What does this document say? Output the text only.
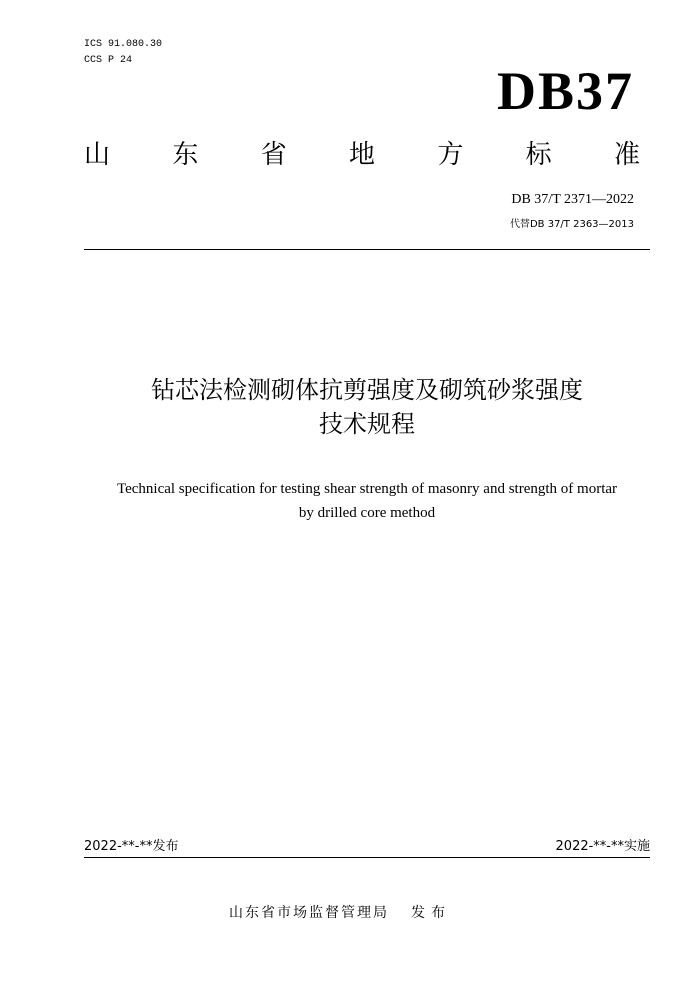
ICS 91.080.30
CCS P 24
DB37
山 东 省 地 方 标 准
DB 37/T 2371—2022
代替DB 37/T 2363—2013
钻芯法检测砌体抗剪强度及砌筑砂浆强度
技术规程
Technical specification for testing shear strength of masonry and strength of mortar
by drilled core method
2022-**-**发布	2022-**-**实施
山东省市场监督管理局 发布
